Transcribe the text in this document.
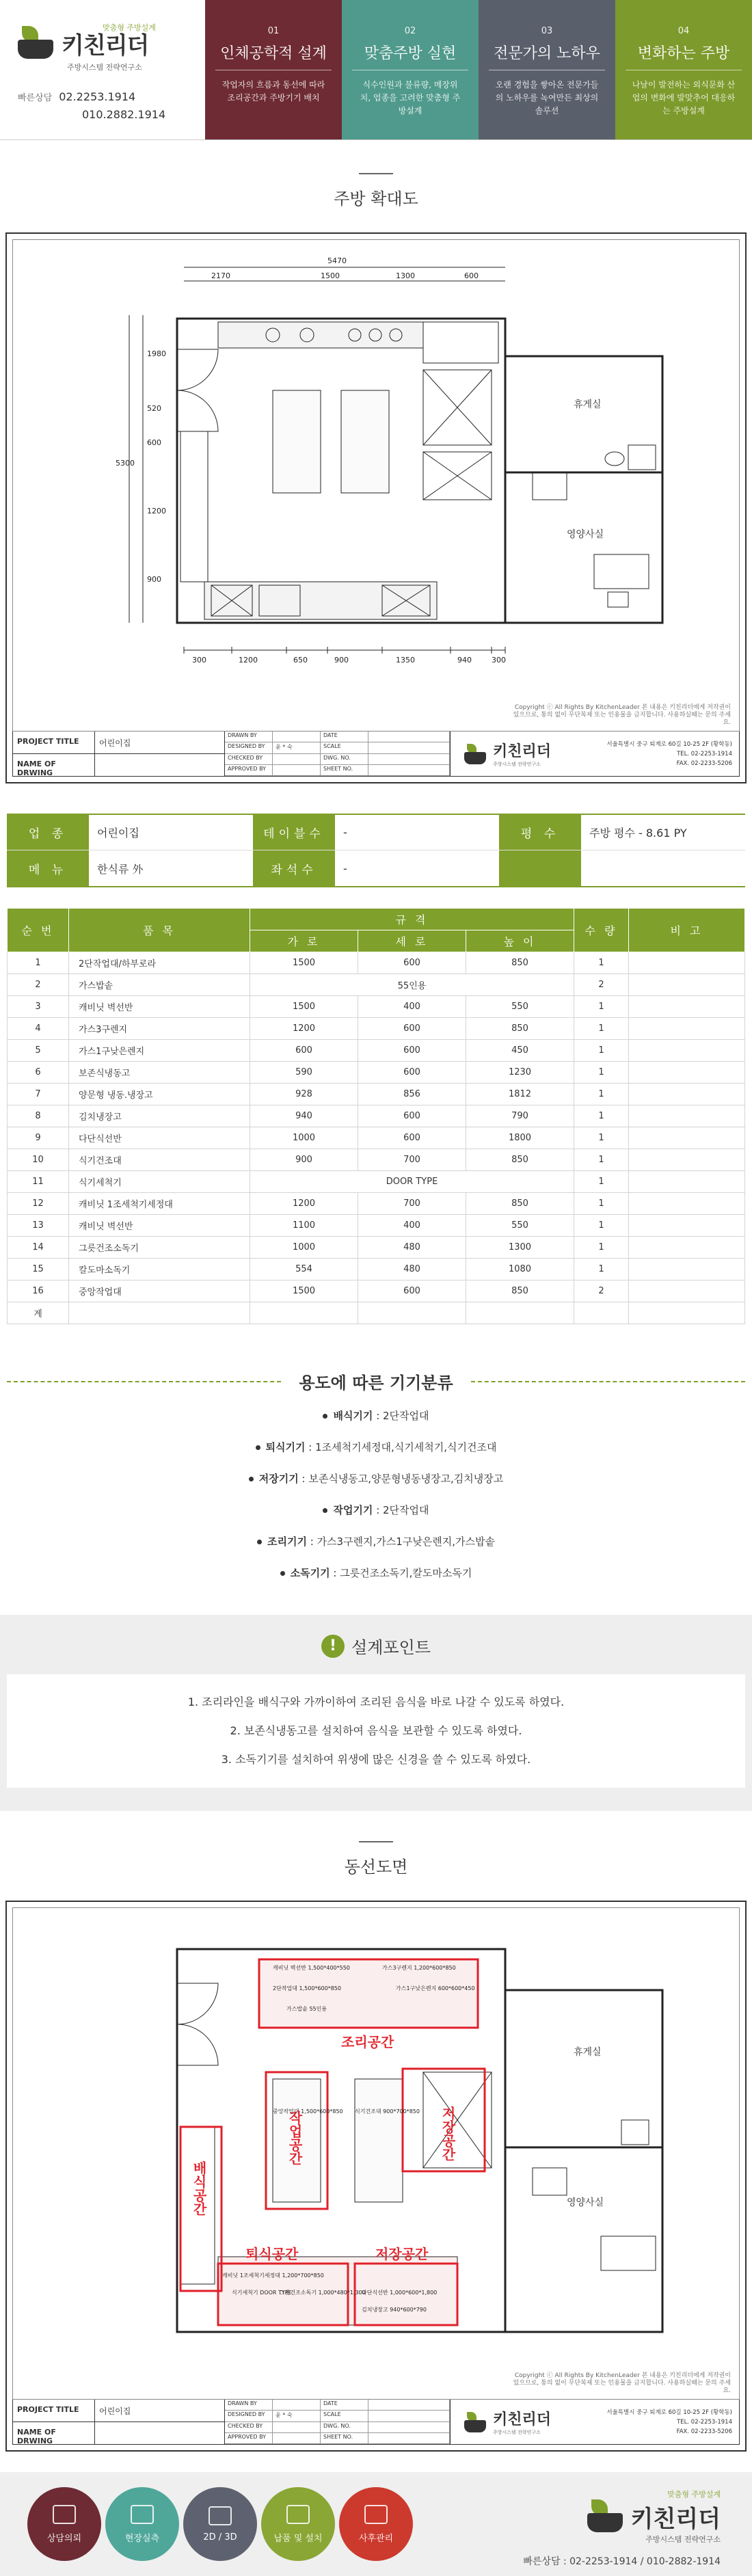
키친리더
맞춤형 주방설계
주방시스템 전략연구소
빠른상담 02.2253.1914
010.2882.1914
01
인체공학적 설계
작업자의 흐름과 동선에 따라 조리공간과 주방기기 배치
02
맞춤주방 실현
식수인원과 불류량, 메장위치, 업종을 고려한 맞춤형 주방설계
03
전문가의 노하우
오랜 경험을 쌓아온 전문가들의 노하우를 녹여만든 최상의 솔루션
04
변화하는 주방
나날이 발전하는 외식문화 산업의 변화에 발맞추어 대응하는 주방설계
주방 확대도
5470
2170	1500	1300	600
300	1200	650	900	1350	940	300
5300
1980
520
600
1200
900
휴게실
영양사실
Copyright ⓒ All Rights By KitchenLeader 본 내용은 키친리더에게 저작권이 있으므로, 통의 없이 무단복제 또는 인용물을 금지합니다. 사용하실때는 문의 주세요.
PROJECT TITLE	어린이집
NAME OF DRWING
DRAWN BY	DATE
DESIGNED BY	윤 * 숙	SCALE
CHECKED BY	DWG. NO.
APPROVED BY	SHEET NO.
키친리더
주방시스템 전략연구소
서울특별시 중구 퇴계로 60길 10-25 2F (황학동)
TEL. 02-2253-1914
FAX. 02-2233-5206
업 종	어린이집	테이블수	-	평 수	주방 평수 - 8.61 PY
메 뉴	한식류 外	좌석수	-
순 번	품 목	규 격			수 량	비 고
		가 로	세 로	높 이		
1	2단작업대/하부로라	1500	600	850	1	
2	가스밥솥	55인용			2	
3	캐비닛 벽선반	1500	400	550	1	
4	가스3구렌지	1200	600	850	1	
5	가스1구낮은렌지	600	600	450	1	
6	보존식냉동고	590	600	1230	1	
7	양문형 냉동.냉장고	928	856	1812	1	
8	김치냉장고	940	600	790	1	
9	다단식선반	1000	600	1800	1	
10	식기건조대	900	700	850	1	
11	식기세척기	DOOR TYPE			1	
12	캐비닛 1조세척기세정대	1200	700	850	1	
13	캐비닛 벽선반	1100	400	550	1	
14	그릇건조소독기	1000	480	1300	1	
15	칼도마소독기	554	480	1080	1	
16	중앙작업대	1500	600	850	2	
계						
용도에 따른 기기분류
배식기기 : 2단작업대
퇴식기기 : 1조세척기세정대,식기세척기,식기건조대
저장기기 : 보존식냉동고,양문형냉동냉장고,김치냉장고
작업기기 : 2단작업대
조리기기 : 가스3구렌지,가스1구낮은렌지,가스밥솥
소독기기 : 그릇건조소독기,칼도마소독기
! 설계포인트
1. 조리라인을 배식구와 가까이하여 조리된 음식을 바로 나갈 수 있도록 하였다.
2. 보존식냉동고를 설치하여 음식을 보관할 수 있도록 하였다.
3. 소독기기를 설치하여 위생에 많은 신경을 쓸 수 있도록 하였다.
동선도면
캐비닛 벽선반 1,500*400*550	가스3구렌지 1,200*600*850
가스1구낮은렌지 600*600*450
2단작업대 1,500*600*850
가스밥솥 55인용
중앙작업대 1,500*600*850 식기건조대 900*700*850
식기세척기 DOOR TYPE
그릇건조소독기 1,000*480*1,300
다단식선반 1,000*600*1,800
김치냉장고 940*600*790
캐비닛 1조세척기세정대 1,200*700*850
조리공간
작업공간	저장공간
배식공간
퇴식공간	저장공간
휴게실
영양사실
Copyright ⓒ All Rights By KitchenLeader 본 내용은 키친리더에게 저작권이 있으므로, 통의 없이 무단복제 또는 인용물을 금지합니다. 사용하실때는 문의 주세요.
PROJECT TITLE	어린이집
NAME OF DRWING
DRAWN BY	DATE
DESIGNED BY	윤 * 숙	SCALE
CHECKED BY	DWG. NO.
APPROVED BY	SHEET NO.
키친리더
주방시스템 전략연구소
서울특별시 중구 퇴계로 60길 10-25 2F (황학동)
TEL. 02-2253-1914
FAX. 02-2233-5206
상담의뢰	현장실측	2D / 3D	납품 및 설치	사후관리
맞춤형 주방설계
키친리더
주방시스템 전략연구소
빠른상담 : 02-2253-1914 / 010-2882-1914
